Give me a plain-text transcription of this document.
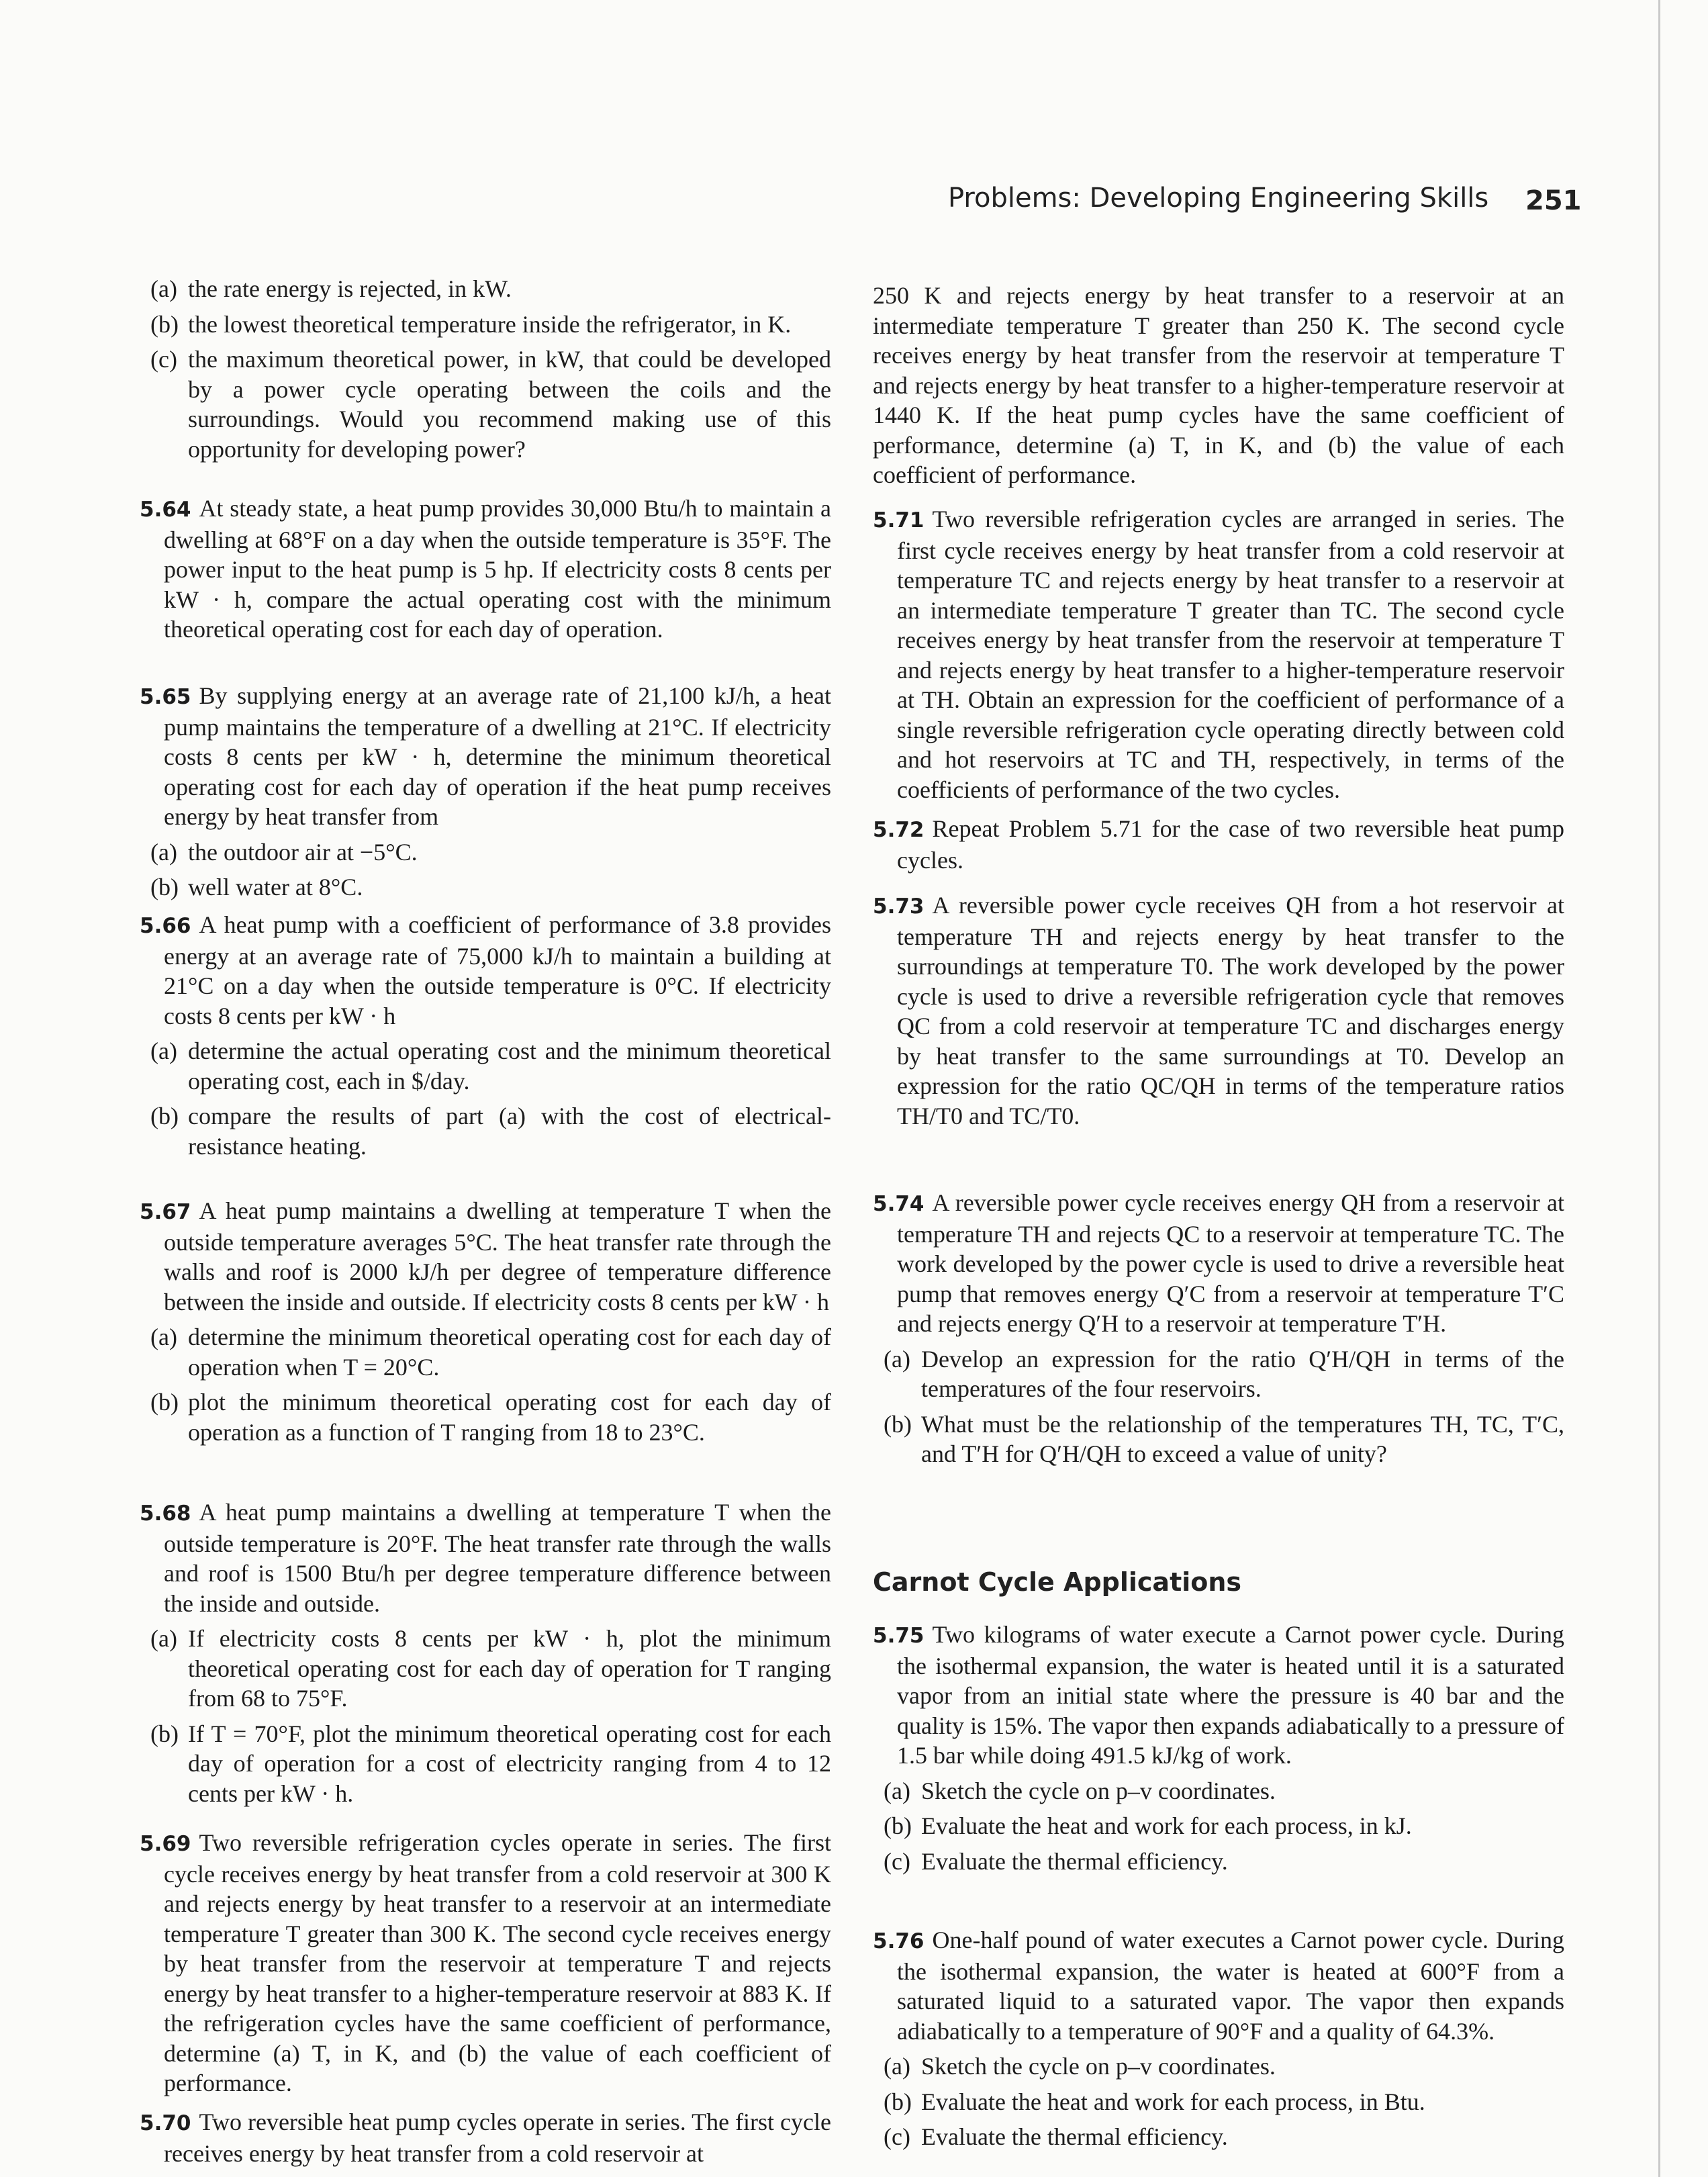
Problems: Developing Engineering Skills 251
Carnot Cycle Applications
(a) the rate energy is rejected, in kW.
(b) the lowest theoretical temperature inside the refrigerator, in K.
(c) the maximum theoretical power, in kW, that could be developed by a power cycle operating between the coils and the surroundings. Would you recommend making use of this opportunity for developing power?
5.64 At steady state, a heat pump provides 30,000 Btu/h to maintain a dwelling at 68°F on a day when the outside temperature is 35°F. The power input to the heat pump is 5 hp. If electricity costs 8 cents per kW · h, compare the actual operating cost with the minimum theoretical operating cost for each day of operation.
5.65 By supplying energy at an average rate of 21,100 kJ/h, a heat pump maintains the temperature of a dwelling at 21°C. If electricity costs 8 cents per kW · h, determine the minimum theoretical operating cost for each day of operation if the heat pump receives energy by heat transfer from
(a) the outdoor air at −5°C.
(b) well water at 8°C.
5.66 A heat pump with a coefficient of performance of 3.8 provides energy at an average rate of 75,000 kJ/h to maintain a building at 21°C on a day when the outside temperature is 0°C. If electricity costs 8 cents per kW · h
(a) determine the actual operating cost and the minimum theoretical operating cost, each in $/day.
(b) compare the results of part (a) with the cost of electrical-resistance heating.
5.67 A heat pump maintains a dwelling at temperature T when the outside temperature averages 5°C. The heat transfer rate through the walls and roof is 2000 kJ/h per degree of temperature difference between the inside and outside. If electricity costs 8 cents per kW · h
(a) determine the minimum theoretical operating cost for each day of operation when T = 20°C.
(b) plot the minimum theoretical operating cost for each day of operation as a function of T ranging from 18 to 23°C.
5.68 A heat pump maintains a dwelling at temperature T when the outside temperature is 20°F. The heat transfer rate through the walls and roof is 1500 Btu/h per degree temperature difference between the inside and outside.
(a) If electricity costs 8 cents per kW · h, plot the minimum theoretical operating cost for each day of operation for T ranging from 68 to 75°F.
(b) If T = 70°F, plot the minimum theoretical operating cost for each day of operation for a cost of electricity ranging from 4 to 12 cents per kW · h.
5.69 Two reversible refrigeration cycles operate in series. The first cycle receives energy by heat transfer from a cold reservoir at 300 K and rejects energy by heat transfer to a reservoir at an intermediate temperature T greater than 300 K. The second cycle receives energy by heat transfer from the reservoir at temperature T and rejects energy by heat transfer to a higher-temperature reservoir at 883 K. If the refrigeration cycles have the same coefficient of performance, determine (a) T, in K, and (b) the value of each coefficient of performance.
5.70 Two reversible heat pump cycles operate in series. The first cycle receives energy by heat transfer from a cold reservoir at
250 K and rejects energy by heat transfer to a reservoir at an intermediate temperature T greater than 250 K. The second cycle receives energy by heat transfer from the reservoir at temperature T and rejects energy by heat transfer to a higher-temperature reservoir at 1440 K. If the heat pump cycles have the same coefficient of performance, determine (a) T, in K, and (b) the value of each coefficient of performance.
5.71 Two reversible refrigeration cycles are arranged in series. The first cycle receives energy by heat transfer from a cold reservoir at temperature TC and rejects energy by heat transfer to a reservoir at an intermediate temperature T greater than TC. The second cycle receives energy by heat transfer from the reservoir at temperature T and rejects energy by heat transfer to a higher-temperature reservoir at TH. Obtain an expression for the coefficient of performance of a single reversible refrigeration cycle operating directly between cold and hot reservoirs at TC and TH, respectively, in terms of the coefficients of performance of the two cycles.
5.72 Repeat Problem 5.71 for the case of two reversible heat pump cycles.
5.73 A reversible power cycle receives QH from a hot reservoir at temperature TH and rejects energy by heat transfer to the surroundings at temperature T0. The work developed by the power cycle is used to drive a reversible refrigeration cycle that removes QC from a cold reservoir at temperature TC and discharges energy by heat transfer to the same surroundings at T0. Develop an expression for the ratio QC/QH in terms of the temperature ratios TH/T0 and TC/T0.
5.74 A reversible power cycle receives energy QH from a reservoir at temperature TH and rejects QC to a reservoir at temperature TC. The work developed by the power cycle is used to drive a reversible heat pump that removes energy Q′C from a reservoir at temperature T′C and rejects energy Q′H to a reservoir at temperature T′H.
(a) Develop an expression for the ratio Q′H/QH in terms of the temperatures of the four reservoirs.
(b) What must be the relationship of the temperatures TH, TC, T′C, and T′H for Q′H/QH to exceed a value of unity?
5.75 Two kilograms of water execute a Carnot power cycle. During the isothermal expansion, the water is heated until it is a saturated vapor from an initial state where the pressure is 40 bar and the quality is 15%. The vapor then expands adiabatically to a pressure of 1.5 bar while doing 491.5 kJ/kg of work.
(a) Sketch the cycle on p–v coordinates.
(b) Evaluate the heat and work for each process, in kJ.
(c) Evaluate the thermal efficiency.
5.76 One-half pound of water executes a Carnot power cycle. During the isothermal expansion, the water is heated at 600°F from a saturated liquid to a saturated vapor. The vapor then expands adiabatically to a temperature of 90°F and a quality of 64.3%.
(a) Sketch the cycle on p–v coordinates.
(b) Evaluate the heat and work for each process, in Btu.
(c) Evaluate the thermal efficiency.
